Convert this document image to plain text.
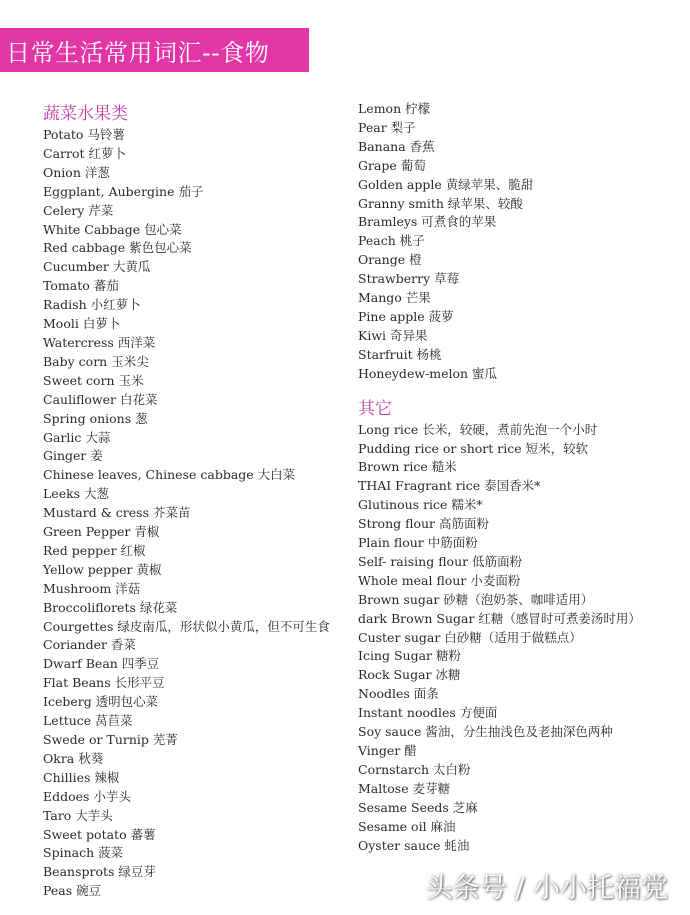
日常生活常用词汇--食物
蔬菜水果类
Potato 马铃薯
Carrot 红萝卜
Onion 洋葱
Eggplant, Aubergine 茄子
Celery 芹菜
White Cabbage 包心菜
Red cabbage 紫色包心菜
Cucumber 大黄瓜
Tomato 蕃茄
Radish 小红萝卜
Mooli 白萝卜
Watercress 西洋菜
Baby corn 玉米尖
Sweet corn 玉米
Cauliflower 白花菜
Spring onions 葱
Garlic 大蒜
Ginger 姜
Chinese leaves, Chinese cabbage 大白菜
Leeks 大葱
Mustard & cress 芥菜苗
Green Pepper 青椒
Red pepper 红椒
Yellow pepper 黄椒
Mushroom 洋菇
Broccoliflorets 绿花菜
Courgettes 绿皮南瓜，形状似小黄瓜，但不可生食
Coriander 香菜
Dwarf Bean 四季豆
Flat Beans 长形平豆
Iceberg 透明包心菜
Lettuce 莴苣菜
Swede or Turnip 芜菁
Okra 秋葵
Chillies 辣椒
Eddoes 小芋头
Taro 大芋头
Sweet potato 蕃薯
Spinach 菠菜
Beansprots 绿豆芽
Peas 碗豆
Lemon 柠檬
Pear 梨子
Banana 香蕉
Grape 葡萄
Golden apple 黄绿苹果、脆甜
Granny smith 绿苹果、较酸
Bramleys 可煮食的苹果
Peach 桃子
Orange 橙
Strawberry 草莓
Mango 芒果
Pine apple 菠萝
Kiwi 奇异果
Starfruit 杨桃
Honeydew-melon 蜜瓜
其它
Long rice 长米，较硬，煮前先泡一个小时
Pudding rice or short rice 短米，较软
Brown rice 糙米
THAI Fragrant rice 泰国香米*
Glutinous rice 糯米*
Strong flour 高筋面粉
Plain flour 中筋面粉
Self- raising flour 低筋面粉
Whole meal flour 小麦面粉
Brown sugar 砂糖（泡奶茶、咖啡适用）
dark Brown Sugar 红糖（感冒时可煮姜汤时用）
Custer sugar 白砂糖（适用于做糕点）
Icing Sugar 糖粉
Rock Sugar 冰糖
Noodles 面条
Instant noodles 方便面
Soy sauce 酱油，分生抽浅色及老抽深色两种
Vinger 醋
Cornstarch 太白粉
Maltose 麦芽糖
Sesame Seeds 芝麻
Sesame oil 麻油
Oyster sauce 蚝油
头条号 / 小小托福党
